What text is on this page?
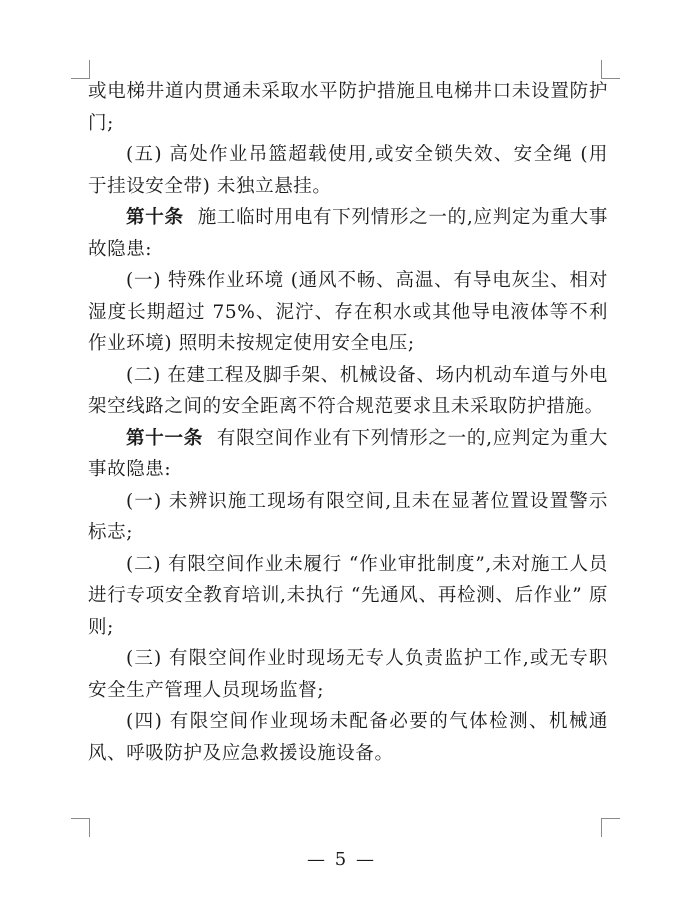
或电梯井道内贯通未采取水平防护措施且电梯井口未设置防护门;

(五) 高处作业吊篮超载使用,或安全锁失效、安全绳 (用于挂设安全带) 未独立悬挂。

第十条 施工临时用电有下列情形之一的,应判定为重大事故隐患:

(一) 特殊作业环境 (通风不畅、高温、有导电灰尘、相对湿度长期超过 75%、泥泞、存在积水或其他导电液体等不利作业环境) 照明未按规定使用安全电压;

(二) 在建工程及脚手架、机械设备、场内机动车道与外电架空线路之间的安全距离不符合规范要求且未采取防护措施。

第十一条 有限空间作业有下列情形之一的,应判定为重大事故隐患:

(一) 未辨识施工现场有限空间,且未在显著位置设置警示标志;

(二) 有限空间作业未履行 “作业审批制度”,未对施工人员进行专项安全教育培训,未执行 “先通风、再检测、后作业” 原则;

(三) 有限空间作业时现场无专人负责监护工作,或无专职安全生产管理人员现场监督;

(四) 有限空间作业现场未配备必要的气体检测、机械通风、呼吸防护及应急救援设施设备。

— 5 —
